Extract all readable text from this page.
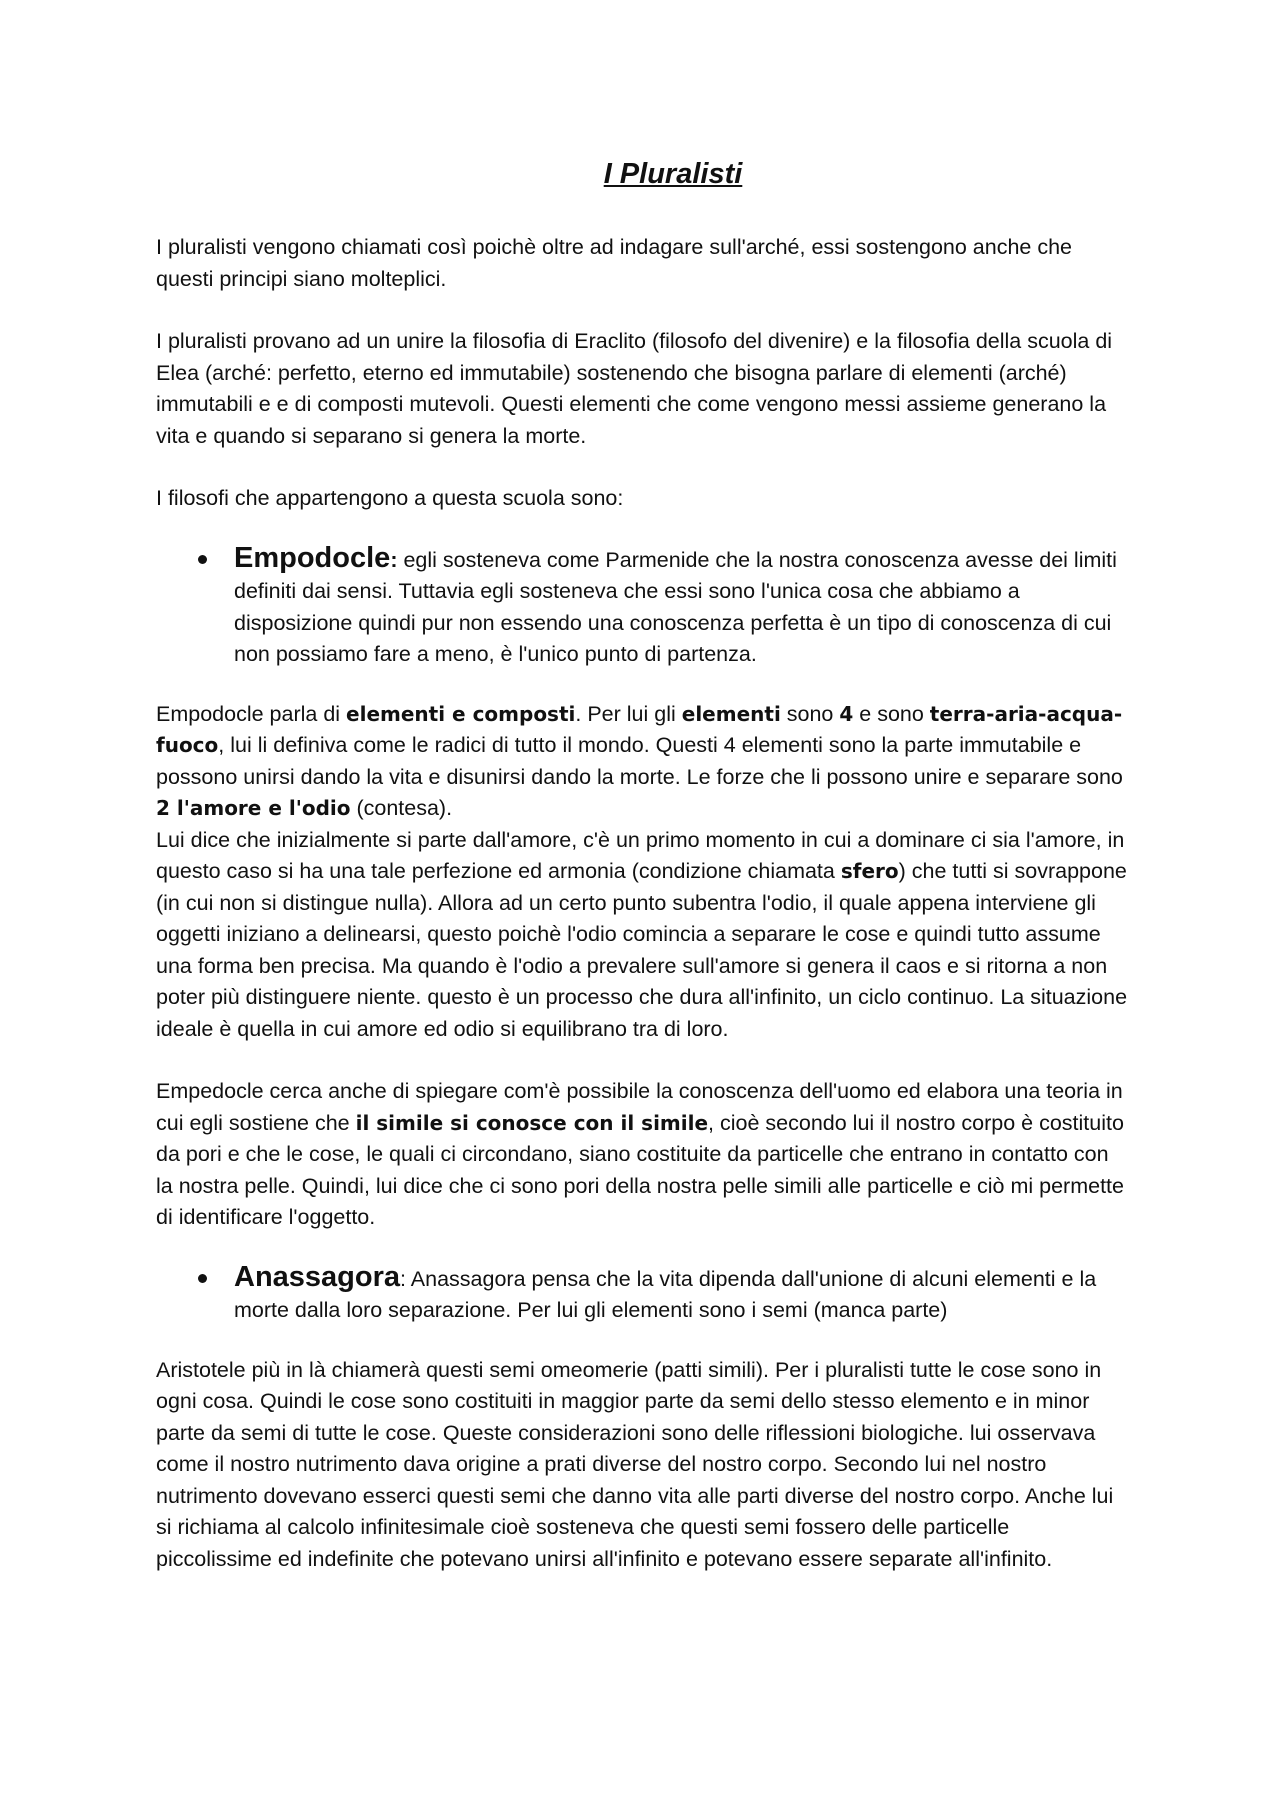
I Pluralisti

I pluralisti vengono chiamati così poichè oltre ad indagare sull'arché, essi sostengono anche che questi principi siano molteplici.

I pluralisti provano ad un unire la filosofia di Eraclito (filosofo del divenire) e la filosofia della scuola di Elea (arché: perfetto, eterno ed immutabile) sostenendo che bisogna parlare di elementi (arché) immutabili e e di composti mutevoli. Questi elementi che come vengono messi assieme generano la vita e quando si separano si genera la morte.

I filosofi che appartengono a questa scuola sono:

Empodocle: egli sosteneva come Parmenide che la nostra conoscenza avesse dei limiti definiti dai sensi. Tuttavia egli sosteneva che essi sono l'unica cosa che abbiamo a disposizione quindi pur non essendo una conoscenza perfetta è un tipo di conoscenza di cui non possiamo fare a meno, è l'unico punto di partenza.

Empodocle parla di elementi e composti. Per lui gli elementi sono 4 e sono terra-aria-acqua-fuoco, lui li definiva come le radici di tutto il mondo. Questi 4 elementi sono la parte immutabile e possono unirsi dando la vita e disunirsi dando la morte. Le forze che li possono unire e separare sono 2 l'amore e l'odio (contesa).

Lui dice che inizialmente si parte dall'amore, c'è un primo momento in cui a dominare ci sia l'amore, in questo caso si ha una tale perfezione ed armonia (condizione chiamata sfero) che tutti si sovrappone (in cui non si distingue nulla). Allora ad un certo punto subentra l'odio, il quale appena interviene gli oggetti iniziano a delinearsi, questo poichè l'odio comincia a separare le cose e quindi tutto assume una forma ben precisa. Ma quando è l'odio a prevalere sull'amore si genera il caos e si ritorna a non poter più distinguere niente. questo è un processo che dura all'infinito, un ciclo continuo. La situazione ideale è quella in cui amore ed odio si equilibrano tra di loro.

Empedocle cerca anche di spiegare com'è possibile la conoscenza dell'uomo ed elabora una teoria in cui egli sostiene che il simile si conosce con il simile, cioè secondo lui il nostro corpo è costituito da pori e che le cose, le quali ci circondano, siano costituite da particelle che entrano in contatto con la nostra pelle. Quindi, lui dice che ci sono pori della nostra pelle simili alle particelle e ciò mi permette di identificare l'oggetto.

Anassagora: Anassagora pensa che la vita dipenda dall'unione di alcuni elementi e la morte dalla loro separazione. Per lui gli elementi sono i semi (manca parte)

Aristotele più in là chiamerà questi semi omeomerie (patti simili). Per i pluralisti tutte le cose sono in ogni cosa. Quindi le cose sono costituiti in maggior parte da semi dello stesso elemento e in minor parte da semi di tutte le cose. Queste considerazioni sono delle riflessioni biologiche. lui osservava come il nostro nutrimento dava origine a prati diverse del nostro corpo. Secondo lui nel nostro nutrimento dovevano esserci questi semi che danno vita alle parti diverse del nostro corpo. Anche lui si richiama al calcolo infinitesimale cioè sosteneva che questi semi fossero delle particelle piccolissime ed indefinite che potevano unirsi all'infinito e potevano essere separate all'infinito.
